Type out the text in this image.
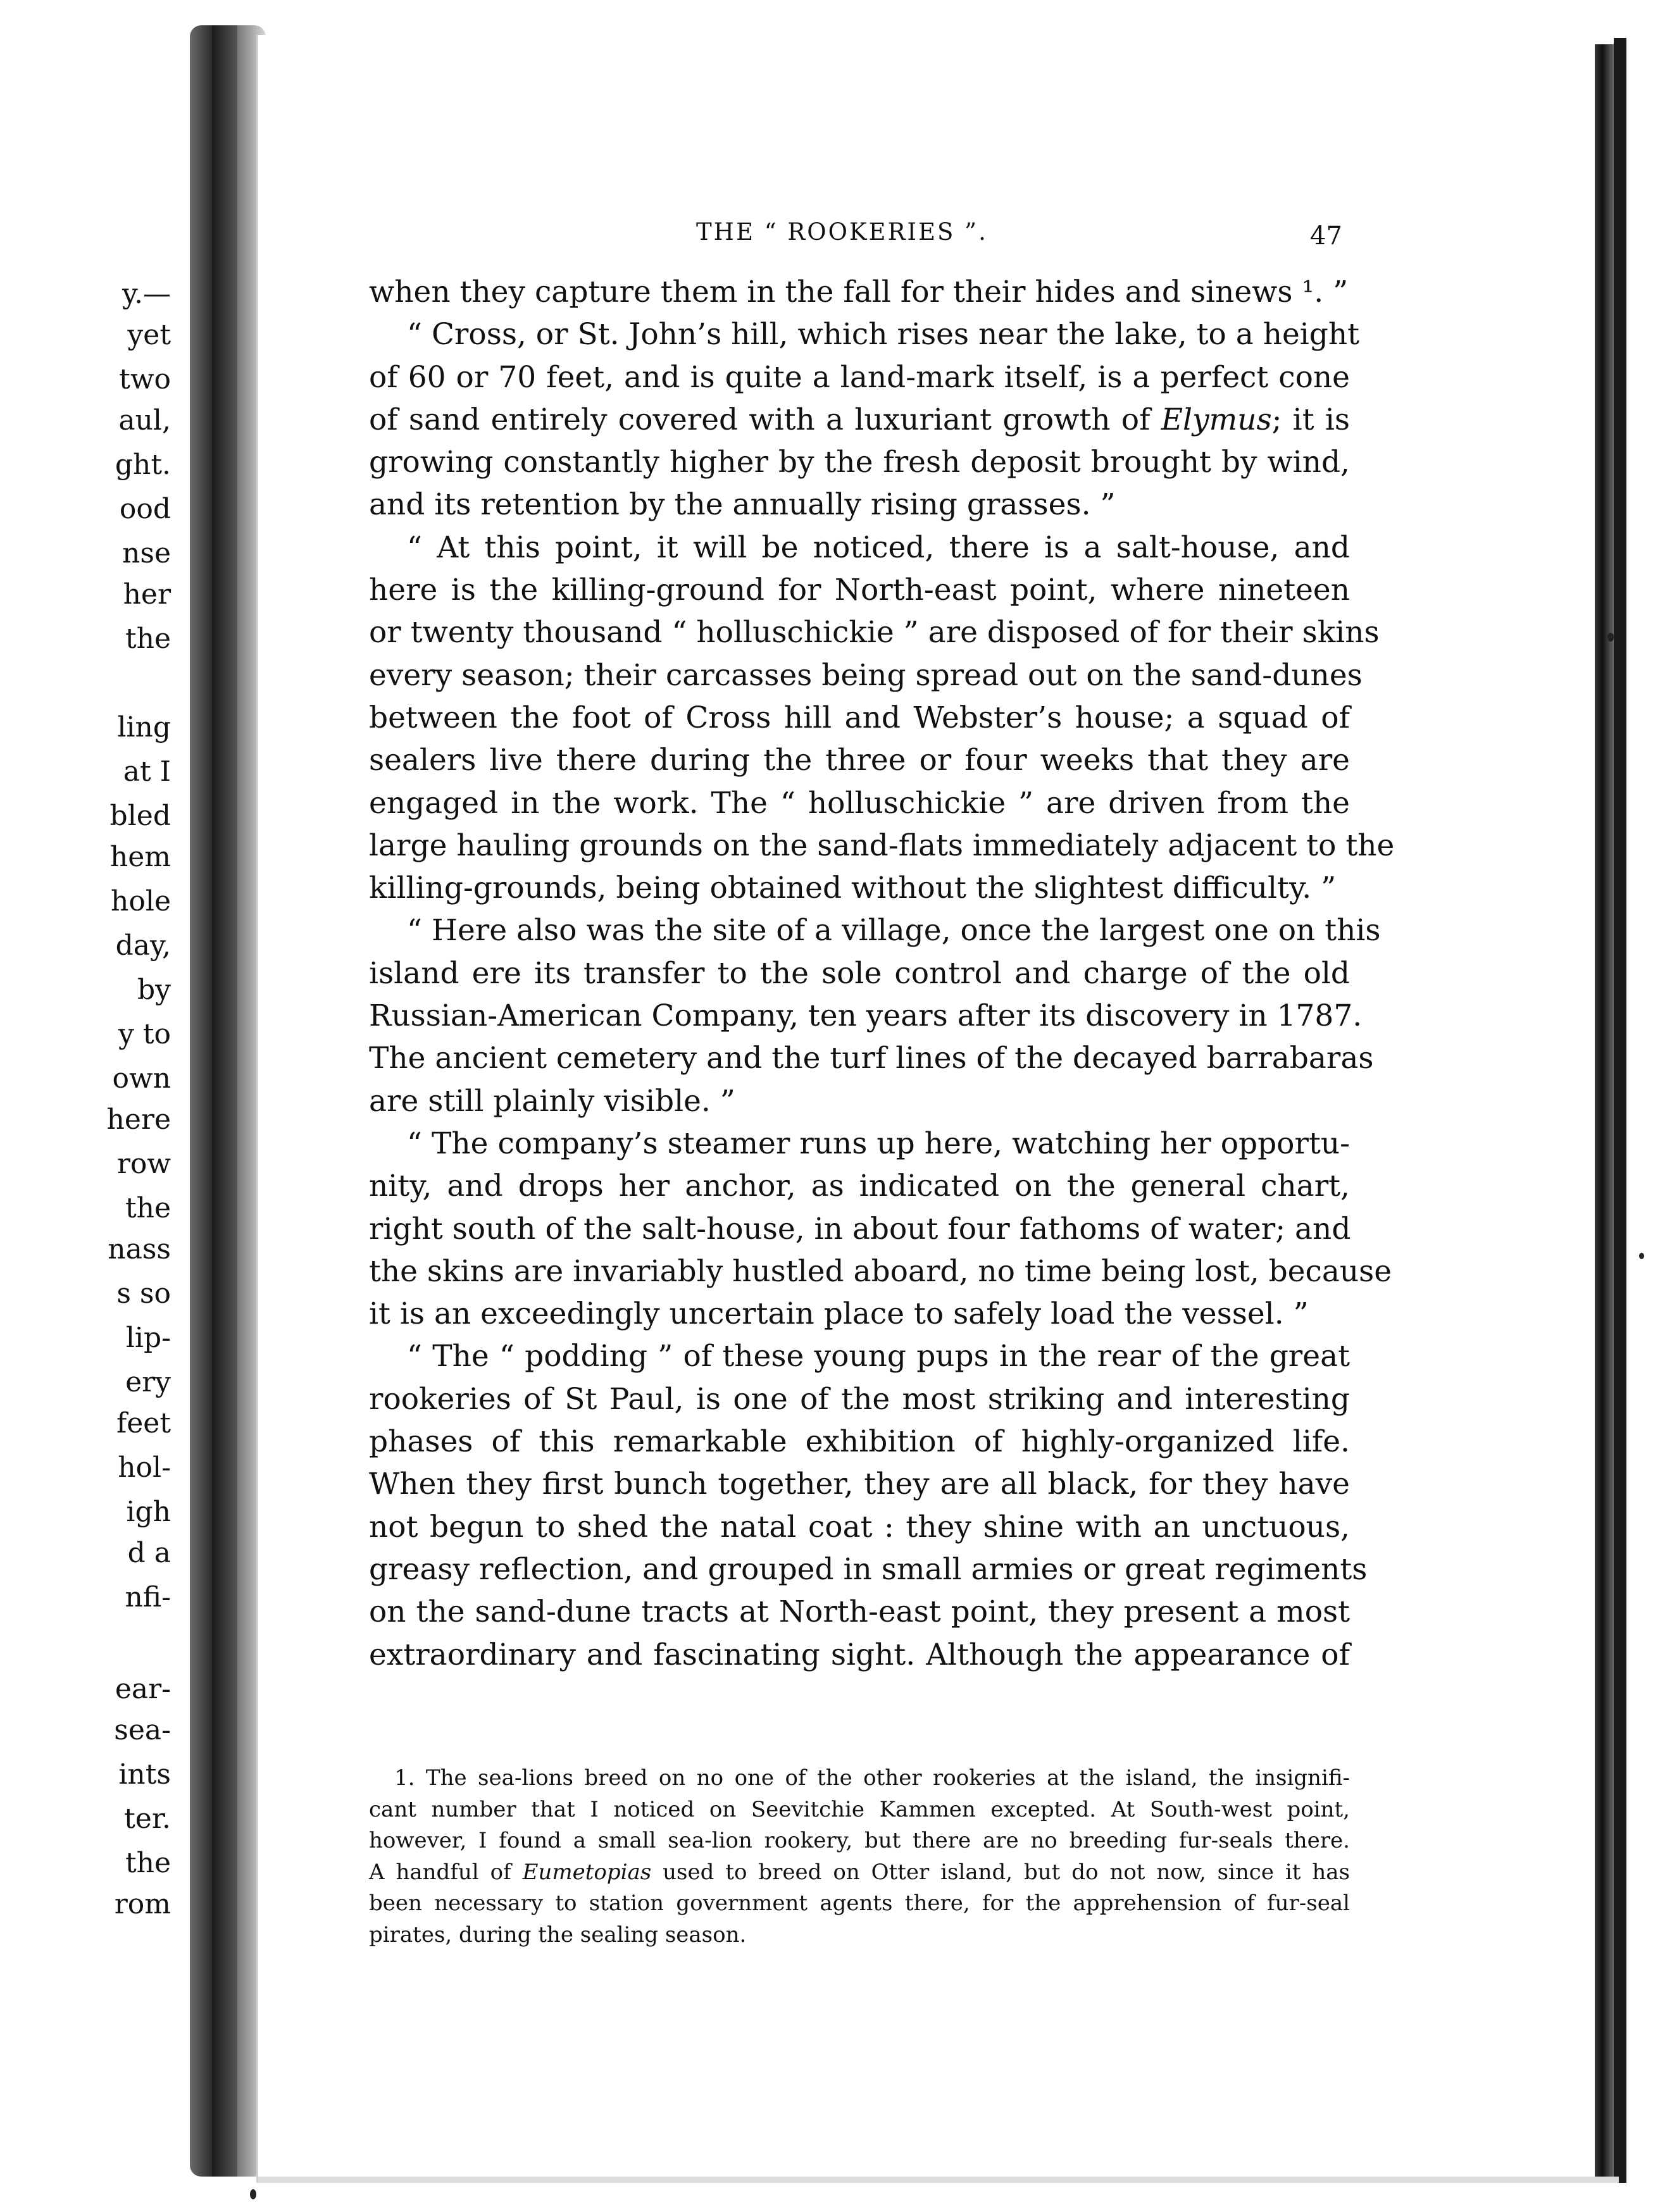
y.—
yet
two
aul,
ght.
ood
nse
her
the
ling
at I
bled
hem
hole
day,
by
y to
own
here
row
the
nass
s so
lip-
ery
feet
hol-
igh
d a
nfi-
ear-
sea-
ints
ter.
the
rom
THE “ ROOKERIES ”.	47
when they capture them in the fall for their hides and sinews ¹. ”
“ Cross, or St. John’s hill, which rises near the lake, to a height
of 60 or 70 feet, and is quite a land-mark itself, is a perfect cone
of sand entirely covered with a luxuriant growth of Elymus; it is
growing constantly higher by the fresh deposit brought by wind,
and its retention by the annually rising grasses. ”
“ At this point, it will be noticed, there is a salt-house, and
here is the killing-ground for North-east point, where nineteen
or twenty thousand “ holluschickie ” are disposed of for their skins
every season; their carcasses being spread out on the sand-dunes
between the foot of Cross hill and Webster’s house; a squad of
sealers live there during the three or four weeks that they are
engaged in the work. The “ holluschickie ” are driven from the
large hauling grounds on the sand-flats immediately adjacent to the
killing-grounds, being obtained without the slightest difficulty. ”
“ Here also was the site of a village, once the largest one on this
island ere its transfer to the sole control and charge of the old
Russian-American Company, ten years after its discovery in 1787.
The ancient cemetery and the turf lines of the decayed barrabaras
are still plainly visible. ”
“ The company’s steamer runs up here, watching her opportu-
nity, and drops her anchor, as indicated on the general chart,
right south of the salt-house, in about four fathoms of water; and
the skins are invariably hustled aboard, no time being lost, because
it is an exceedingly uncertain place to safely load the vessel. ”
“ The “ podding ” of these young pups in the rear of the great
rookeries of St Paul, is one of the most striking and interesting
phases of this remarkable exhibition of highly-organized life.
When they first bunch together, they are all black, for they have
not begun to shed the natal coat : they shine with an unctuous,
greasy reflection, and grouped in small armies or great regiments
on the sand-dune tracts at North-east point, they present a most
extraordinary and fascinating sight. Although the appearance of
1. The sea-lions breed on no one of the other rookeries at the island, the insignifi-
cant number that I noticed on Seevitchie Kammen excepted. At South-west point,
however, I found a small sea-lion rookery, but there are no breeding fur-seals there.
A handful of Eumetopias used to breed on Otter island, but do not now, since it has
been necessary to station government agents there, for the apprehension of fur-seal
pirates, during the sealing season.
